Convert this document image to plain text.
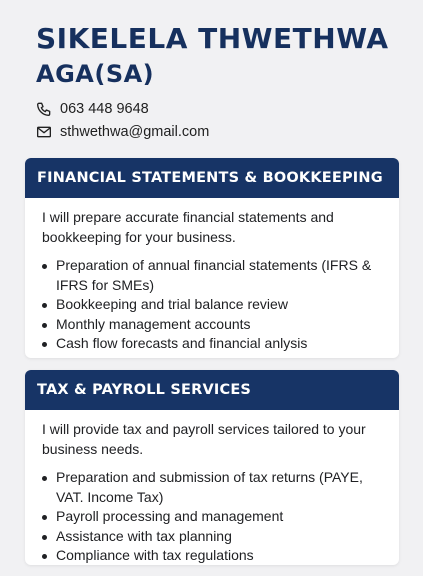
SIKELELA THWETHWA
AGA(SA)
063 448 9648
sthwethwa@gmail.com
FINANCIAL STATEMENTS & BOOKKEEPING
I will prepare accurate financial statements and bookkeeping for your business.
Preparation of annual financial statements (IFRS & IFRS for SMEs)
Bookkeeping and trial balance review
Monthly management accounts
Cash flow forecasts and financial anlysis
TAX & PAYROLL SERVICES
I will provide tax and payroll services tailored to your business needs.
Preparation and submission of tax returns (PAYE, VAT. Income Tax)
Payroll processing and management
Assistance with tax planning
Compliance with tax regulations
